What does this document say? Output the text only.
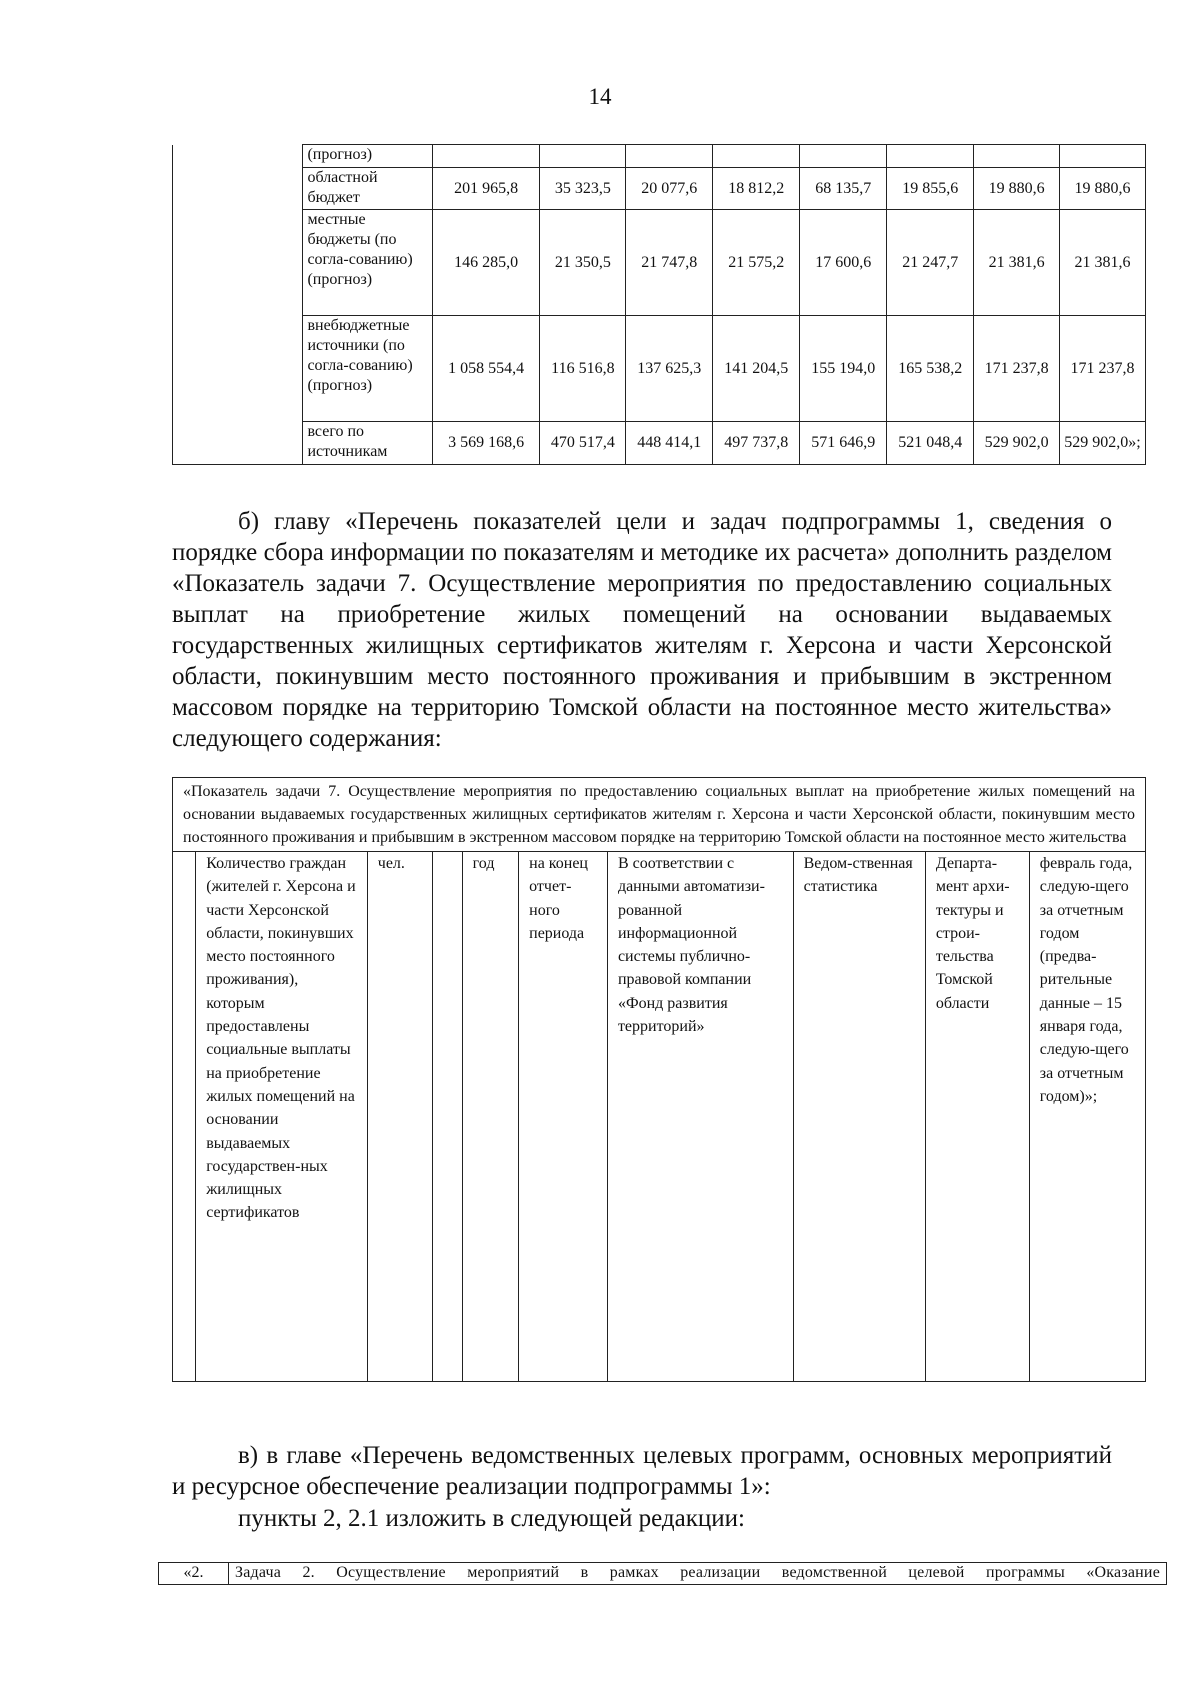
14
	(прогноз)								
	областной бюджет	201 965,8	35 323,5	20 077,6	18 812,2	68 135,7	19 855,6	19 880,6	19 880,6
	местные бюджеты (по согла-сованию) (прогноз)	146 285,0	21 350,5	21 747,8	21 575,2	17 600,6	21 247,7	21 381,6	21 381,6
	внебюджетные источники (по согла-сованию) (прогноз)	1 058 554,4	116 516,8	137 625,3	141 204,5	155 194,0	165 538,2	171 237,8	171 237,8
	всего по источникам	3 569 168,6	470 517,4	448 414,1	497 737,8	571 646,9	521 048,4	529 902,0	529 902,0»;

б) главу «Перечень показателей цели и задач подпрограммы 1, сведения о порядке сбора информации по показателям и методике их расчета» дополнить разделом «Показатель задачи 7. Осуществление мероприятия по предоставлению социальных выплат на приобретение жилых помещений на основании выдаваемых государственных жилищных сертификатов жителям г. Херсона и части Херсонской области, покинувшим место постоянного проживания и прибывшим в экстренном массовом порядке на территорию Томской области на постоянное место жительства» следующего содержания:

«Показатель задачи 7. Осуществление мероприятия по предоставлению социальных выплат на приобретение жилых помещений на основании выдаваемых государственных жилищных сертификатов жителям г. Херсона и части Херсонской области, покинувшим место постоянного проживания и прибывшим в экстренном массовом порядке на территорию Томской области на постоянное место жительства
	Количество граждан (жителей г. Херсона и части Херсонской области, покинувших место постоянного проживания), которым предоставлены социальные выплаты на приобретение жилых помещений на основании выдаваемых государствен-ных жилищных сертификатов	чел.		год	на конец отчет-ного периода	В соответствии с данными автоматизи-рованной информационной системы публично-правовой компании «Фонд развития территорий»	Ведом-ственная статистика	Департа-мент архи-тектуры и строи-тельства Томской области	февраль года, следую-щего за отчетным годом (предва-рительные данные – 15 января года, следую-щего за отчетным годом)»;

в) в главе «Перечень ведомственных целевых программ, основных мероприятий и ресурсное обеспечение реализации подпрограммы 1»:

пункты 2, 2.1 изложить в следующей редакции:

«2.	Задача 2. Осуществление мероприятий в рамках реализации ведомственной целевой программы «Оказание
